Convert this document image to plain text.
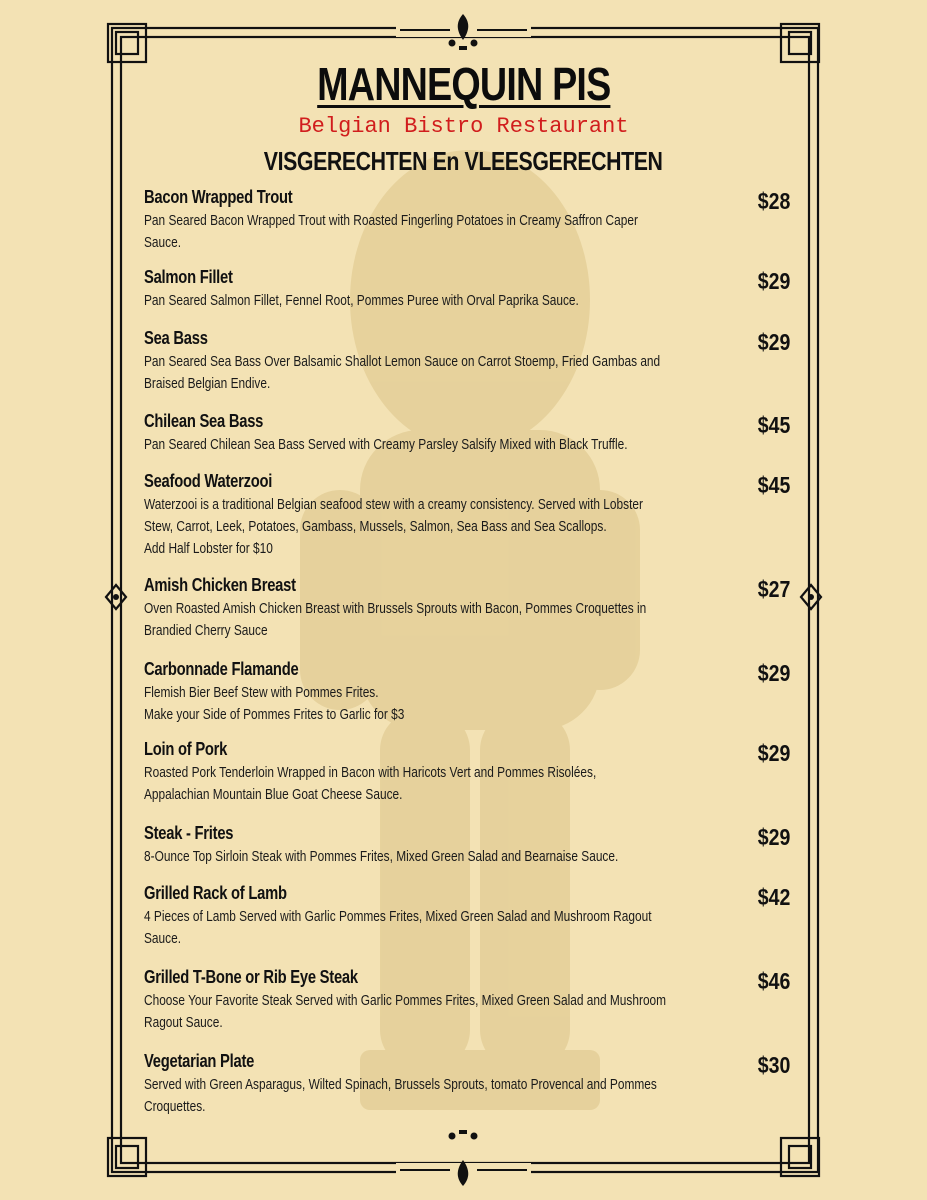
MANNEQUIN PIS
Belgian Bistro Restaurant
VISGERECHTEN En VLEESGERECHTEN
Bacon Wrapped Trout	$28
Pan Seared Bacon Wrapped Trout with Roasted Fingerling Potatoes in Creamy Saffron Caper
Sauce.
Salmon Fillet	$29
Pan Seared Salmon Fillet, Fennel Root, Pommes Puree with Orval Paprika Sauce.
Sea Bass	$29
Pan Seared Sea Bass Over Balsamic Shallot Lemon Sauce on Carrot Stoemp, Fried Gambas and
Braised Belgian Endive.
Chilean Sea Bass	$45
Pan Seared Chilean Sea Bass Served with Creamy Parsley Salsify Mixed with Black Truffle.
Seafood Waterzooi	$45
Waterzooi is a traditional Belgian seafood stew with a creamy consistency. Served with Lobster
Stew, Carrot, Leek, Potatoes, Gambass, Mussels, Salmon, Sea Bass and Sea Scallops.
Add Half Lobster for $10
Amish Chicken Breast	$27
Oven Roasted Amish Chicken Breast with Brussels Sprouts with Bacon, Pommes Croquettes in
Brandied Cherry Sauce
Carbonnade Flamande	$29
Flemish Bier Beef Stew with Pommes Frites.
Make your Side of Pommes Frites to Garlic for $3
Loin of Pork	$29
Roasted Pork Tenderloin Wrapped in Bacon with Haricots Vert and Pommes Risolées,
Appalachian Mountain Blue Goat Cheese Sauce.
Steak - Frites	$29
8-Ounce Top Sirloin Steak with Pommes Frites, Mixed Green Salad and Bearnaise Sauce.
Grilled Rack of Lamb	$42
4 Pieces of Lamb Served with Garlic Pommes Frites, Mixed Green Salad and Mushroom Ragout
Sauce.
Grilled T-Bone or Rib Eye Steak	$46
Choose Your Favorite Steak Served with Garlic Pommes Frites, Mixed Green Salad and Mushroom
Ragout Sauce.
Vegetarian Plate	$30
Served with Green Asparagus, Wilted Spinach, Brussels Sprouts, tomato Provencal and Pommes
Croquettes.
